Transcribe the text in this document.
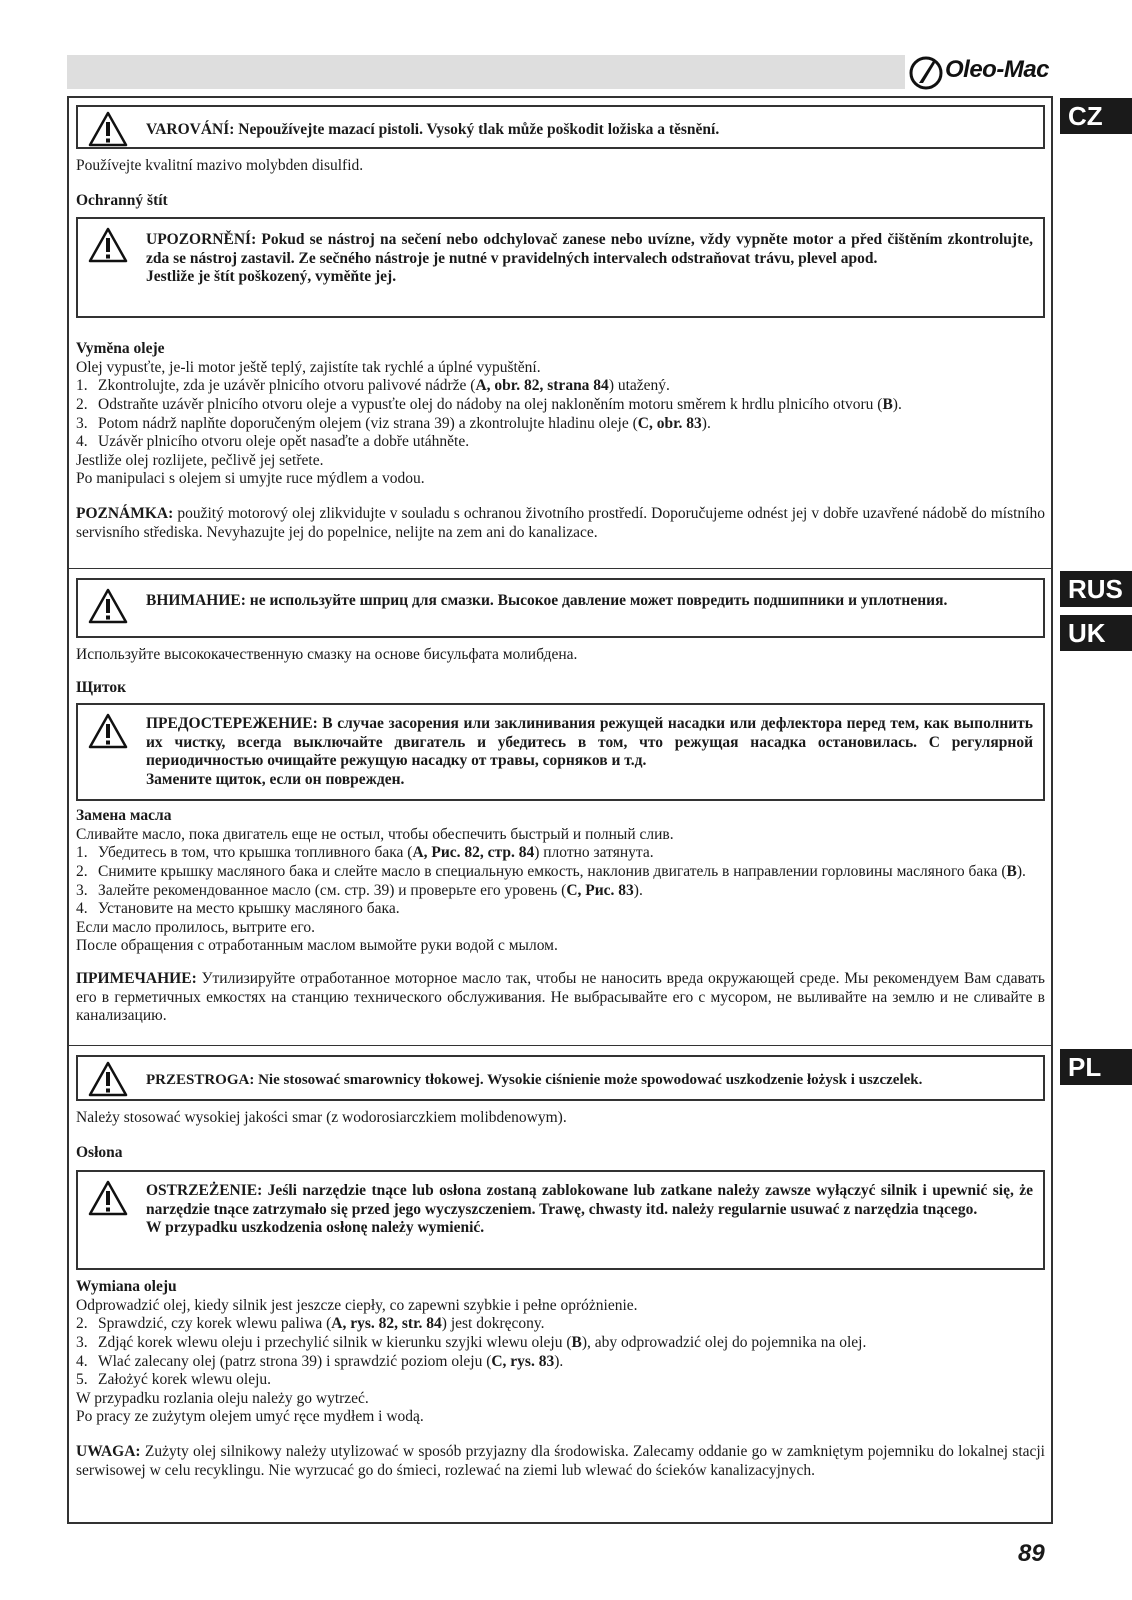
Oleo-Mac
CZ
RUS
UK
PL
VAROVÁNÍ: Nepoužívejte mazací pistoli. Vysoký tlak může poškodit ložiska a těsnění.

Používejte kvalitní mazivo molybden disulfid.

Ochranný štít

UPOZORNĚNÍ: Pokud se nástroj na sečení nebo odchylovač zanese nebo uvízne, vždy vypněte motor a před čištěním zkontrolujte, zda se nástroj zastavil. Ze sečného nástroje je nutné v pravidelných intervalech odstraňovat trávu, plevel apod.
Jestliže je štít poškozený, vyměňte jej.

Vyměna oleje

Olej vypusťte, je-li motor ještě teplý, zajistíte tak rychlé a úplné vypuštění.

1. Zkontrolujte, zda je uzávěr plnicího otvoru palivové nádrže (A, obr. 82, strana 84) utažený.
2. Odstraňte uzávěr plnicího otvoru oleje a vypusťte olej do nádoby na olej nakloněním motoru směrem k hrdlu plnicího otvoru (B).
3. Potom nádrž naplňte doporučeným olejem (viz strana 39) a zkontrolujte hladinu oleje (C, obr. 83).
4. Uzávěr plnicího otvoru oleje opět nasaďte a dobře utáhněte.

Jestliže olej rozlijete, pečlivě jej setřete.

Po manipulaci s olejem si umyjte ruce mýdlem a vodou.

POZNÁMKA: použitý motorový olej zlikvidujte v souladu s ochranou životního prostředí. Doporučujeme odnést jej v dobře uzavřené nádobě do místního servisního střediska. Nevyhazujte jej do popelnice, nelijte na zem ani do kanalizace.

ВНИМАНИЕ: не используйте шприц для смазки. Высокое давление может повредить подшипники и уплотнения.

Используйте высококачественную смазку на основе бисульфата молибдена.

Щиток

ПРЕДОСТЕРЕЖЕНИЕ: В случае засорения или заклинивания режущей насадки или дефлектора перед тем, как выполнить их чистку, всегда выключайте двигатель и убедитесь в том, что режущая насадка остановилась. С регулярной периодичностью очищайте режущую насадку от травы, сорняков и т.д.
Замените щиток, если он поврежден.

Замена масла

Сливайте масло, пока двигатель еще не остыл, чтобы обеспечить быстрый и полный слив.

1. Убедитесь в том, что крышка топливного бака (A, Рис. 82, стр. 84) плотно затянута.
2. Снимите крышку масляного бака и слейте масло в специальную емкость, наклонив двигатель в направлении горловины масляного бака (B).
3. Залейте рекомендованное масло (см. стр. 39) и проверьте его уровень (C, Рис. 83).
4. Установите на место крышку масляного бака.

Если масло пролилось, вытрите его.

После обращения с отработанным маслом вымойте руки водой с мылом.

ПРИМЕЧАНИЕ: Утилизируйте отработанное моторное масло так, чтобы не наносить вреда окружающей среде. Мы рекомендуем Вам сдавать его в герметичных емкостях на станцию технического обслуживания. Не выбрасывайте его с мусором, не выливайте на землю и не сливайте в канализацию.

PRZESTROGA: Nie stosować smarownicy tłokowej. Wysokie ciśnienie może spowodować uszkodzenie łożysk i uszczelek.

Należy stosować wysokiej jakości smar (z wodorosiarczkiem molibdenowym).

Osłona

OSTRZEŻENIE: Jeśli narzędzie tnące lub osłona zostaną zablokowane lub zatkane należy zawsze wyłączyć silnik i upewnić się, że narzędzie tnące zatrzymało się przed jego wyczyszczeniem. Trawę, chwasty itd. należy regularnie usuwać z narzędzia tnącego.
W przypadku uszkodzenia osłonę należy wymienić.

Wymiana oleju

Odprowadzić olej, kiedy silnik jest jeszcze ciepły, co zapewni szybkie i pełne opróżnienie.

2. Sprawdzić, czy korek wlewu paliwa (A, rys. 82, str. 84) jest dokręcony.
3. Zdjąć korek wlewu oleju i przechylić silnik w kierunku szyjki wlewu oleju (B), aby odprowadzić olej do pojemnika na olej.
4. Wlać zalecany olej (patrz strona 39) i sprawdzić poziom oleju (C, rys. 83).
5. Założyć korek wlewu oleju.

W przypadku rozlania oleju należy go wytrzeć.

Po pracy ze zużytym olejem umyć ręce mydłem i wodą.

UWAGA: Zużyty olej silnikowy należy utylizować w sposób przyjazny dla środowiska. Zalecamy oddanie go w zamkniętym pojemniku do lokalnej stacji serwisowej w celu recyklingu. Nie wyrzucać go do śmieci, rozlewać na ziemi lub wlewać do ścieków kanalizacyjnych.

89
